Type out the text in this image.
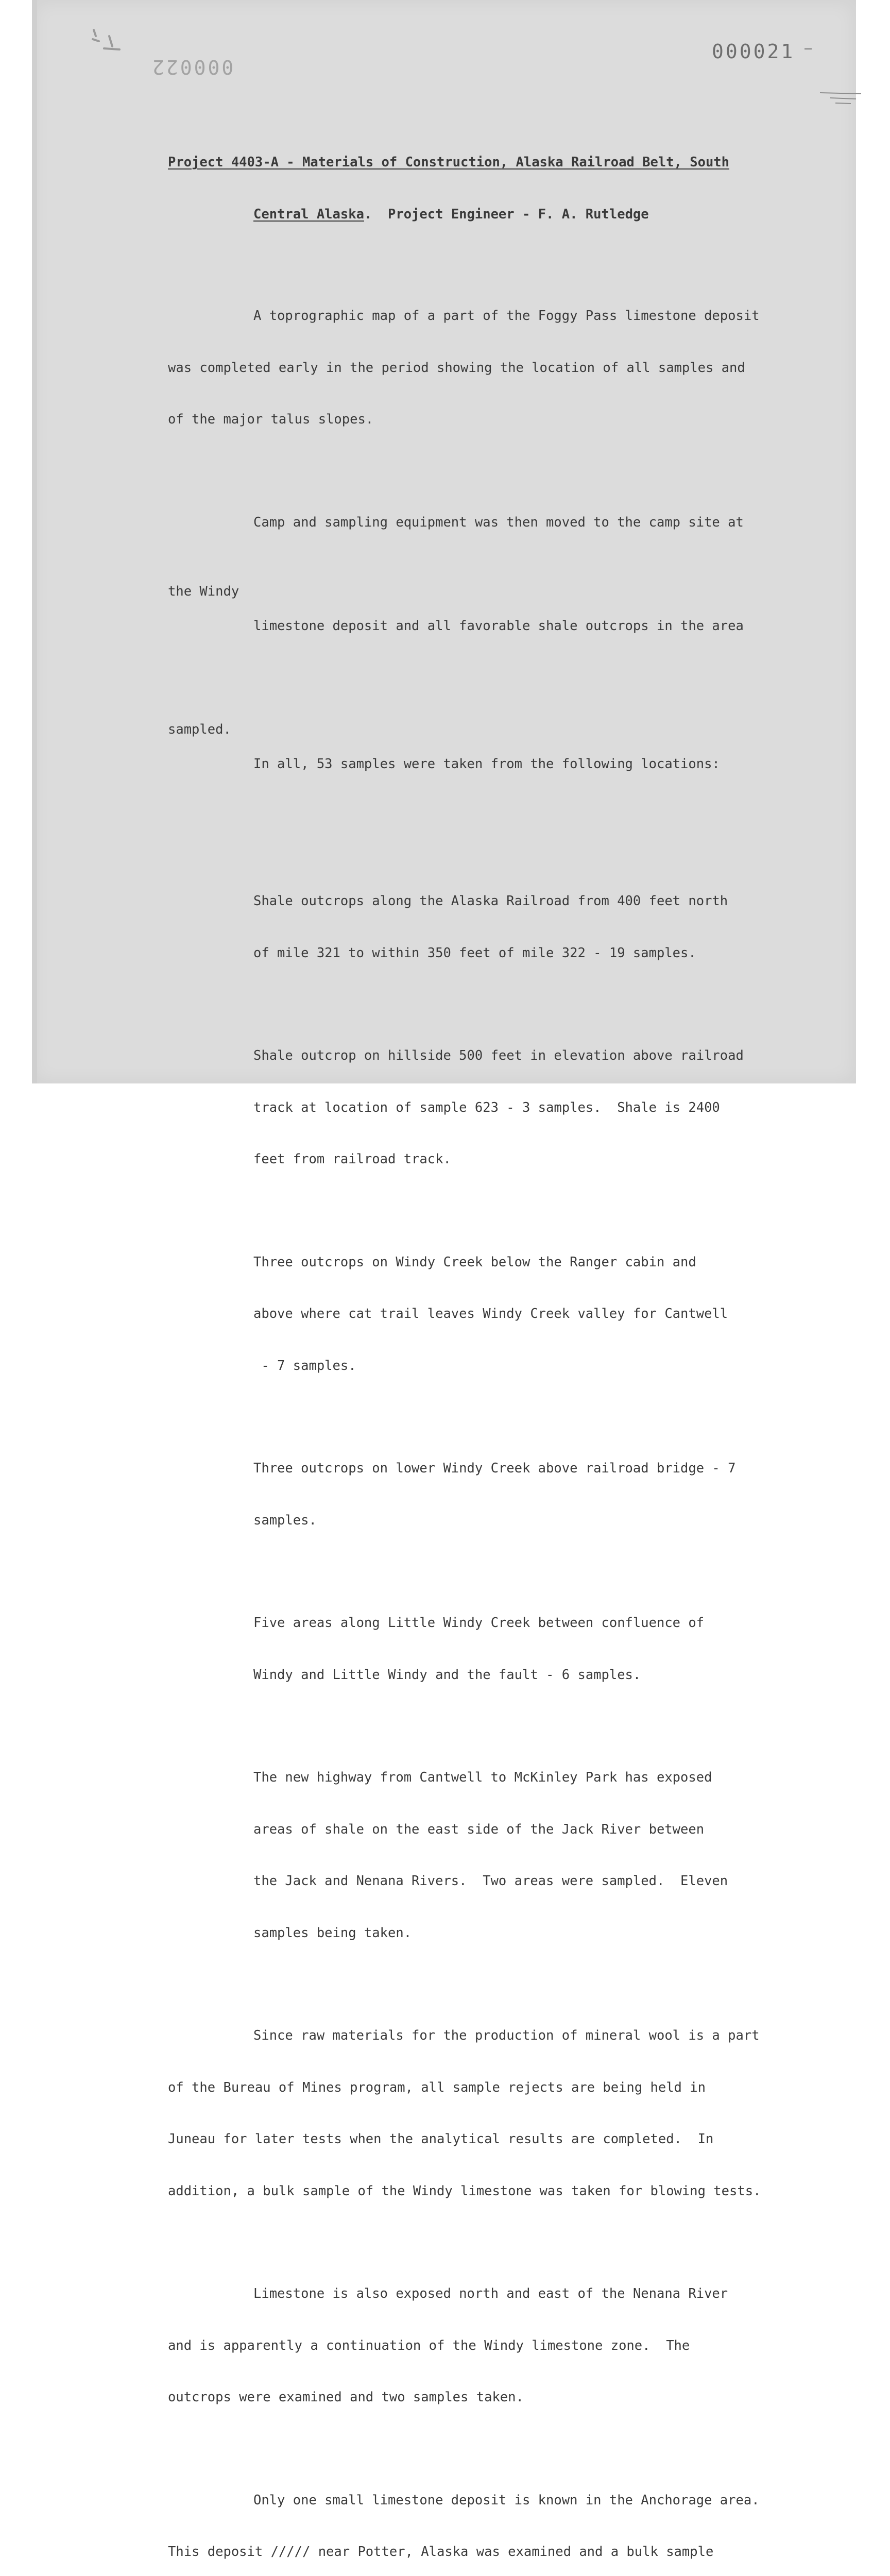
000022
000021

Project 4403-A - Materials of Construction, Alaska Railroad Belt, South

Central Alaska.  Project Engineer - F. A. Rutledge

A toprographic map of a part of the Foggy Pass limestone deposit

was completed early in the period showing the location of all samples and

of the major talus slopes.

Camp and sampling equipment was then moved to the camp site at

the Windy

limestone deposit and all favorable shale outcrops in the area

sampled.

In all, 53 samples were taken from the following locations:

Shale outcrops along the Alaska Railroad from 400 feet north

of mile 321 to within 350 feet of mile 322 - 19 samples.

Shale outcrop on hillside 500 feet in elevation above railroad

track at location of sample 623 - 3 samples.  Shale is 2400

feet from railroad track.

Three outcrops on Windy Creek below the Ranger cabin and

above where cat trail leaves Windy Creek valley for Cantwell

- 7 samples.

Three outcrops on lower Windy Creek above railroad bridge - 7

samples.

Five areas along Little Windy Creek between confluence of

Windy and Little Windy and the fault - 6 samples.

The new highway from Cantwell to McKinley Park has exposed

areas of shale on the east side of the Jack River between

the Jack and Nenana Rivers.  Two areas were sampled.  Eleven

samples being taken.

Since raw materials for the production of mineral wool is a part

of the Bureau of Mines program, all sample rejects are being held in

Juneau for later tests when the analytical results are completed.  In

addition, a bulk sample of the Windy limestone was taken for blowing tests.

Limestone is also exposed north and east of the Nenana River

and is apparently a continuation of the Windy limestone zone.  The

outcrops were examined and two samples taken.

Only one small limestone deposit is known in the Anchorage area.

This deposit ///// near Potter, Alaska was examined and a bulk sample
